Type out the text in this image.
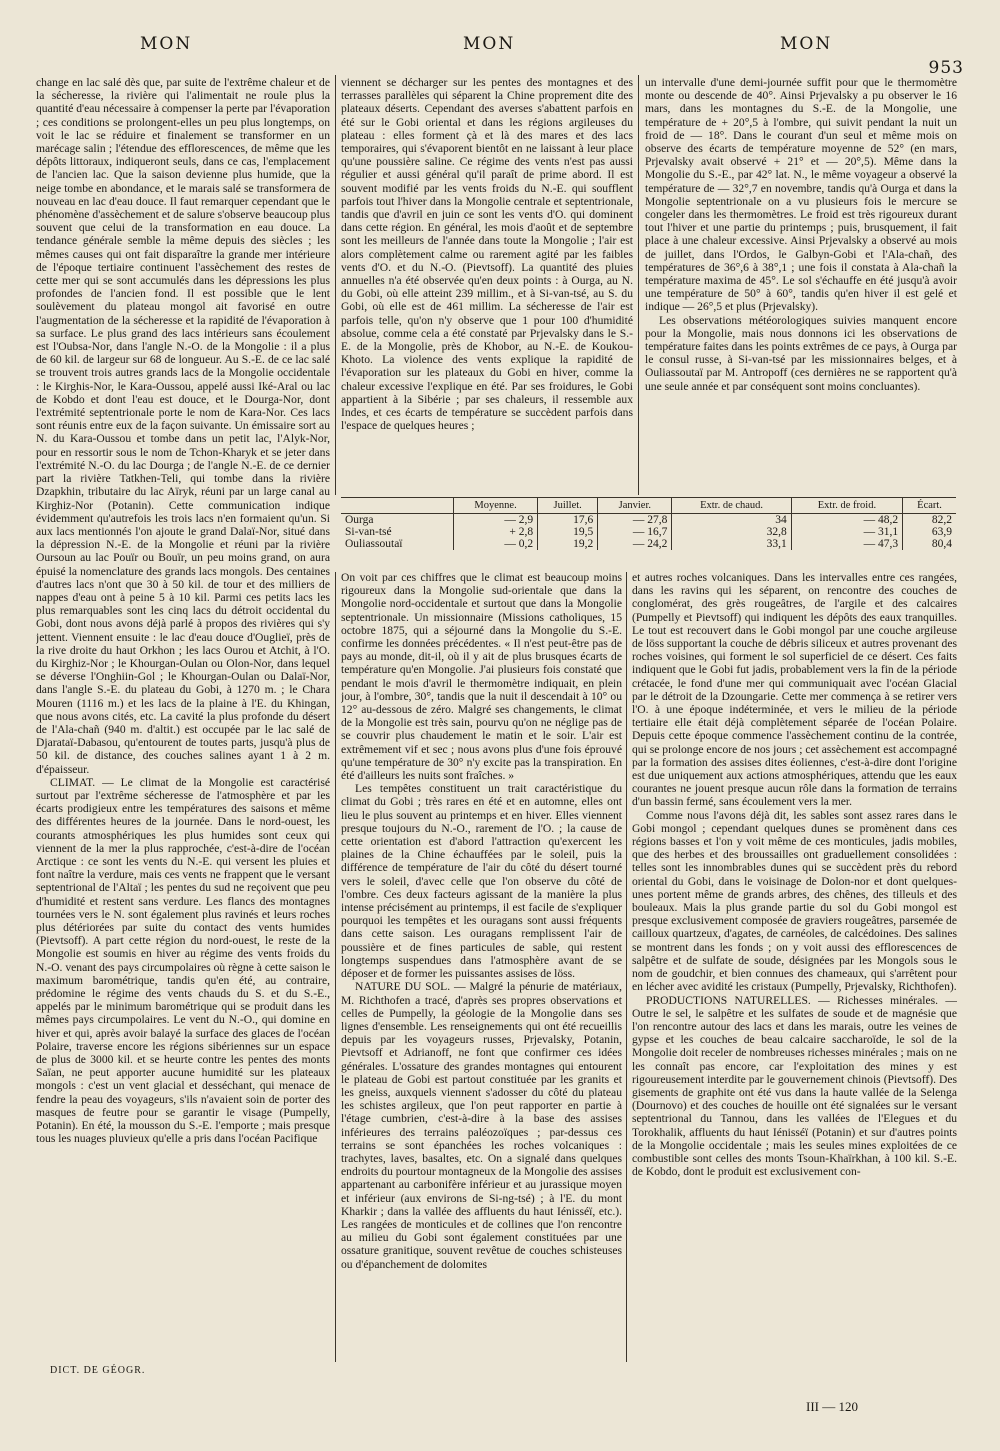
MON	MON	MON
953

change en lac salé dès que, par suite de l'extrême chaleur et de la sécheresse, la rivière qui l'alimentait ne roule plus la quantité d'eau nécessaire à compenser la perte par l'évaporation ; ces conditions se prolongent-elles un peu plus longtemps, on voit le lac se réduire et finalement se transformer en un marécage salin ; l'étendue des efflorescences, de même que les dépôts littoraux, indiqueront seuls, dans ce cas, l'emplacement de l'ancien lac. Que la saison devienne plus humide, que la neige tombe en abondance, et le marais salé se transformera de nouveau en lac d'eau douce. Il faut remarquer cependant que le phénomène d'assèchement et de salure s'observe beaucoup plus souvent que celui de la transformation en eau douce. La tendance générale semble la même depuis des siècles ; les mêmes causes qui ont fait disparaître la grande mer intérieure de l'époque tertiaire continuent l'assèchement des restes de cette mer qui se sont accumulés dans les dépressions les plus profondes de l'ancien fond. Il est possible que le lent soulèvement du plateau mongol ait favorisé en outre l'augmentation de la sécheresse et la rapidité de l'évaporation à sa surface. Le plus grand des lacs intérieurs sans écoulement est l'Oubsa-Nor, dans l'angle N.-O. de la Mongolie : il a plus de 60 kil. de largeur sur 68 de longueur. Au S.-E. de ce lac salé se trouvent trois autres grands lacs de la Mongolie occidentale : le Kirghis-Nor, le Kara-Oussou, appelé aussi Iké-Aral ou lac de Kobdo et dont l'eau est douce, et le Dourga-Nor, dont l'extrémité septentrionale porte le nom de Kara-Nor. Ces lacs sont réunis entre eux de la façon suivante. Un émissaire sort au N. du Kara-Oussou et tombe dans un petit lac, l'Alyk-Nor, pour en ressortir sous le nom de Tchon-Kharyk et se jeter dans l'extrémité N.-O. du lac Dourga ; de l'angle N.-E. de ce dernier part la rivière Tatkhen-Teli, qui tombe dans la rivière Dzapkhin, tributaire du lac Aïryk, réuni par un large canal au Kirghiz-Nor (Potanin). Cette communication indique évidemment qu'autrefois les trois lacs n'en formaient qu'un. Si aux lacs mentionnés l'on ajoute le grand Dalaï-Nor, situé dans la dépression N.-E. de la Mongolie et réuni par la rivière Oursoun au lac Pouïr ou Bouïr, un peu moins grand, on aura épuisé la nomenclature des grands lacs mongols. Des centaines d'autres lacs n'ont que 30 à 50 kil. de tour et des milliers de nappes d'eau ont à peine 5 à 10 kil. Parmi ces petits lacs les plus remarquables sont les cinq lacs du détroit occidental du Gobi, dont nous avons déjà parlé à propos des rivières qui s'y jettent. Viennent ensuite : le lac d'eau douce d'Ouglieï, près de la rive droite du haut Orkhon ; les lacs Ourou et Atchit, à l'O. du Kirghiz-Nor ; le Khourgan-Oulan ou Olon-Nor, dans lequel se déverse l'Onghiin-Gol ; le Khourgan-Oulan ou Dalaï-Nor, dans l'angle S.-E. du plateau du Gobi, à 1270 m. ; le Chara Mouren (1116 m.) et les lacs de la plaine à l'E. du Khingan, que nous avons cités, etc. La cavité la plus profonde du désert de l'Ala-chañ (940 m. d'altit.) est occupée par le lac salé de Djarataï-Dabasou, qu'entourent de toutes parts, jusqu'à plus de 50 kil. de distance, des couches salines ayant 1 à 2 m. d'épaisseur.

CLIMAT. — Le climat de la Mongolie est caractérisé surtout par l'extrême sécheresse de l'atmosphère et par les écarts prodigieux entre les températures des saisons et même des différentes heures de la journée. Dans le nord-ouest, les courants atmosphériques les plus humides sont ceux qui viennent de la mer la plus rapprochée, c'est-à-dire de l'océan Arctique : ce sont les vents du N.-E. qui versent les pluies et font naître la verdure, mais ces vents ne frappent que le versant septentrional de l'Altaï ; les pentes du sud ne reçoivent que peu d'humidité et restent sans verdure. Les flancs des montagnes tournées vers le N. sont également plus ravinés et leurs roches plus détériorées par suite du contact des vents humides (Pievtsoff). A part cette région du nord-ouest, le reste de la Mongolie est soumis en hiver au régime des vents froids du N.-O. venant des pays circumpolaires où règne à cette saison le maximum barométrique, tandis qu'en été, au contraire, prédomine le régime des vents chauds du S. et du S.-E., appelés par le minimum barométrique qui se produit dans les mêmes pays circumpolaires. Le vent du N.-O., qui domine en hiver et qui, après avoir balayé la surface des glaces de l'océan Polaire, traverse encore les régions sibériennes sur un espace de plus de 3000 kil. et se heurte contre les pentes des monts Saïan, ne peut apporter aucune humidité sur les plateaux mongols : c'est un vent glacial et desséchant, qui menace de fendre la peau des voyageurs, s'ils n'avaient soin de porter des masques de feutre pour se garantir le visage (Pumpelly, Potanin). En été, la mousson du S.-E. l'emporte ; mais presque tous les nuages pluvieux qu'elle a pris dans l'océan Pacifique

viennent se décharger sur les pentes des montagnes et des terrasses parallèles qui séparent la Chine proprement dite des plateaux déserts. Cependant des averses s'abattent parfois en été sur le Gobi oriental et dans les régions argileuses du plateau : elles forment çà et là des mares et des lacs temporaires, qui s'évaporent bientôt en ne laissant à leur place qu'une poussière saline. Ce régime des vents n'est pas aussi régulier et aussi général qu'il paraît de prime abord. Il est souvent modifié par les vents froids du N.-E. qui soufflent parfois tout l'hiver dans la Mongolie centrale et septentrionale, tandis que d'avril en juin ce sont les vents d'O. qui dominent dans cette région. En général, les mois d'août et de septembre sont les meilleurs de l'année dans toute la Mongolie ; l'air est alors complètement calme ou rarement agité par les faibles vents d'O. et du N.-O. (Pievtsoff). La quantité des pluies annuelles n'a été observée qu'en deux points : à Ourga, au N. du Gobi, où elle atteint 239 millim., et à Si-van-tsé, au S. du Gobi, où elle est de 461 millim. La sécheresse de l'air est parfois telle, qu'on n'y observe que 1 pour 100 d'humidité absolue, comme cela a été constaté par Prjevalsky dans le S.-E. de la Mongolie, près de Khobor, au N.-E. de Koukou-Khoto. La violence des vents explique la rapidité de l'évaporation sur les plateaux du Gobi en hiver, comme la chaleur excessive l'explique en été. Par ses froidures, le Gobi appartient à la Sibérie ; par ses chaleurs, il ressemble aux Indes, et ces écarts de température se succèdent parfois dans l'espace de quelques heures ;

un intervalle d'une demi-journée suffit pour que le thermomètre monte ou descende de 40°. Ainsi Prjevalsky a pu observer le 16 mars, dans les montagnes du S.-E. de la Mongolie, une température de + 20°,5 à l'ombre, qui suivit pendant la nuit un froid de — 18°. Dans le courant d'un seul et même mois on observe des écarts de température moyenne de 52° (en mars, Prjevalsky avait observé + 21° et — 20°,5). Même dans la Mongolie du S.-E., par 42° lat. N., le même voyageur a observé la température de — 32°,7 en novembre, tandis qu'à Ourga et dans la Mongolie septentrionale on a vu plusieurs fois le mercure se congeler dans les thermomètres. Le froid est très rigoureux durant tout l'hiver et une partie du printemps ; puis, brusquement, il fait place à une chaleur excessive. Ainsi Prjevalsky a observé au mois de juillet, dans l'Ordos, le Galbyn-Gobi et l'Ala-chañ, des températures de 36°,6 à 38°,1 ; une fois il constata à Ala-chañ la température maxima de 45°. Le sol s'échauffe en été jusqu'à avoir une température de 50° à 60°, tandis qu'en hiver il est gelé et indique — 26°,5 et plus (Prjevalsky).

Les observations météorologiques suivies manquent encore pour la Mongolie, mais nous donnons ici les observations de température faites dans les points extrêmes de ce pays, à Ourga par le consul russe, à Si-van-tsé par les missionnaires belges, et à Ouliassoutaï par M. Antropoff (ces dernières ne se rapportent qu'à une seule année et par conséquent sont moins concluantes).

	Moyenne.	Juillet.	Janvier.	Extr. de chaud.	Extr. de froid.	Écart.
Ourga	— 2,9	17,6	— 27,8	34	— 48,2	82,2
Si-van-tsé	+ 2,8	19,5	— 16,7	32,8	— 31,1	63,9
Ouliassoutaï	— 0,2	19,2	— 24,2	33,1	— 47,3	80,4

On voit par ces chiffres que le climat est beaucoup moins rigoureux dans la Mongolie sud-orientale que dans la Mongolie nord-occidentale et surtout que dans la Mongolie septentrionale. Un missionnaire (Missions catholiques, 15 octobre 1875, qui a séjourné dans la Mongolie du S.-E. confirme les données précédentes. « Il n'est peut-être pas de pays au monde, dit-il, où il y ait de plus brusques écarts de température qu'en Mongolie. J'ai plusieurs fois constaté que pendant le mois d'avril le thermomètre indiquait, en plein jour, à l'ombre, 30°, tandis que la nuit il descendait à 10° ou 12° au-dessous de zéro. Malgré ses changements, le climat de la Mongolie est très sain, pourvu qu'on ne néglige pas de se couvrir plus chaudement le matin et le soir. L'air est extrêmement vif et sec ; nous avons plus d'une fois éprouvé qu'une température de 30° n'y excite pas la transpiration. En été d'ailleurs les nuits sont fraîches. »

Les tempêtes constituent un trait caractéristique du climat du Gobi ; très rares en été et en automne, elles ont lieu le plus souvent au printemps et en hiver. Elles viennent presque toujours du N.-O., rarement de l'O. ; la cause de cette orientation est d'abord l'attraction qu'exercent les plaines de la Chine échauffées par le soleil, puis la différence de température de l'air du côté du désert tourné vers le soleil, d'avec celle que l'on observe du côté de l'ombre. Ces deux facteurs agissant de la manière la plus intense précisément au printemps, il est facile de s'expliquer pourquoi les tempêtes et les ouragans sont aussi fréquents dans cette saison. Les ouragans remplissent l'air de poussière et de fines particules de sable, qui restent longtemps suspendues dans l'atmosphère avant de se déposer et de former les puissantes assises de löss.

NATURE DU SOL. — Malgré la pénurie de matériaux, M. Richthofen a tracé, d'après ses propres observations et celles de Pumpelly, la géologie de la Mongolie dans ses lignes d'ensemble. Les renseignements qui ont été recueillis depuis par les voyageurs russes, Prjevalsky, Potanin, Pievtsoff et Adrianoff, ne font que confirmer ces idées générales. L'ossature des grandes montagnes qui entourent le plateau de Gobi est partout constituée par les granits et les gneiss, auxquels viennent s'adosser du côté du plateau les schistes argileux, que l'on peut rapporter en partie à l'étage cumbrien, c'est-à-dire à la base des assises inférieures des terrains paléozoïques ; par-dessus ces terrains se sont épanchées les roches volcaniques : trachytes, laves, basaltes, etc. On a signalé dans quelques endroits du pourtour montagneux de la Mongolie des assises appartenant au carbonifère inférieur et au jurassique moyen et inférieur (aux environs de Si-ng-tsé) ; à l'E. du mont Kharkir ; dans la vallée des affluents du haut Iénisséï, etc.). Les rangées de monticules et de collines que l'on rencontre au milieu du Gobi sont également constituées par une ossature granitique, souvent revêtue de couches schisteuses ou d'épanchement de dolomites

et autres roches volcaniques. Dans les intervalles entre ces rangées, dans les ravins qui les séparent, on rencontre des couches de conglomérat, des grès rougeâtres, de l'argile et des calcaires (Pumpelly et Pievtsoff) qui indiquent les dépôts des eaux tranquilles. Le tout est recouvert dans le Gobi mongol par une couche argileuse de löss supportant la couche de débris siliceux et autres provenant des roches voisines, qui forment le sol superficiel de ce désert. Ces faits indiquent que le Gobi fut jadis, probablement vers la fin de la période crétacée, le fond d'une mer qui communiquait avec l'océan Glacial par le détroit de la Dzoungarie. Cette mer commença à se retirer vers l'O. à une époque indéterminée, et vers le milieu de la période tertiaire elle était déjà complètement séparée de l'océan Polaire. Depuis cette époque commence l'assèchement continu de la contrée, qui se prolonge encore de nos jours ; cet assèchement est accompagné par la formation des assises dites éoliennes, c'est-à-dire dont l'origine est due uniquement aux actions atmosphériques, attendu que les eaux courantes ne jouent presque aucun rôle dans la formation de terrains d'un bassin fermé, sans écoulement vers la mer.

Comme nous l'avons déjà dit, les sables sont assez rares dans le Gobi mongol ; cependant quelques dunes se promènent dans ces régions basses et l'on y voit même de ces monticules, jadis mobiles, que des herbes et des broussailles ont graduellement consolidées : telles sont les innombrables dunes qui se succèdent près du rebord oriental du Gobi, dans le voisinage de Dolon-nor et dont quelques-unes portent même de grands arbres, des chênes, des tilleuls et des bouleaux. Mais la plus grande partie du sol du Gobi mongol est presque exclusivement composée de graviers rougeâtres, parsemée de cailloux quartzeux, d'agates, de carnéoles, de calcédoines. Des salines se montrent dans les fonds ; on y voit aussi des efflorescences de salpêtre et de sulfate de soude, désignées par les Mongols sous le nom de goudchir, et bien connues des chameaux, qui s'arrêtent pour en lécher avec avidité les cristaux (Pumpelly, Prjevalsky, Richthofen).

PRODUCTIONS NATURELLES. — Richesses minérales. — Outre le sel, le salpêtre et les sulfates de soude et de magnésie que l'on rencontre autour des lacs et dans les marais, outre les veines de gypse et les couches de beau calcaire saccharoïde, le sol de la Mongolie doit receler de nombreuses richesses minérales ; mais on ne les connaît pas encore, car l'exploitation des mines y est rigoureusement interdite par le gouvernement chinois (Pievtsoff). Des gisements de graphite ont été vus dans la haute vallée de la Selenga (Dournovo) et des couches de houille ont été signalées sur le versant septentrional du Tannou, dans les vallées de l'Elegues et du Torokhalik, affluents du haut Iénisséï (Potanin) et sur d'autres points de la Mongolie occidentale ; mais les seules mines exploitées de ce combustible sont celles des monts Tsoun-Khaïrkhan, à 100 kil. S.-E. de Kobdo, dont le produit est exclusivement con-

DICT. DE GÉOGR.
III — 120
